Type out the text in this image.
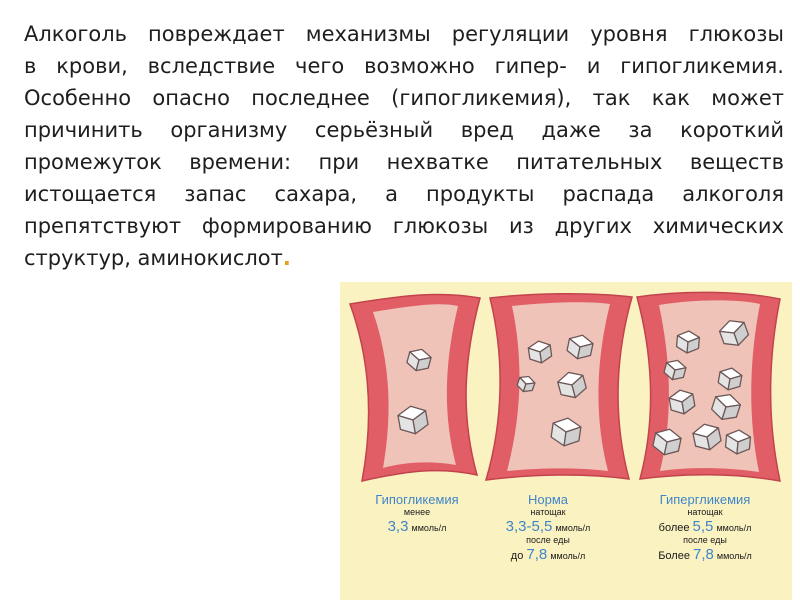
Алкоголь повреждает механизмы регуляции уровня глюкозы
в крови, вследствие чего возможно гипер- и гипогликемия.
Особенно опасно последнее (гипогликемия), так как может
причинить организму серьёзный вред даже за короткий
промежуток времени: при нехватке питательных веществ
истощается запас сахара, а продукты распада алкоголя
препятствуют формированию глюкозы из других химических
структур, аминокислот.

Гипогликемия
менее
3,3 ммоль/л
Норма
натощак
3,3-5,5 ммоль/л
после еды
до 7,8 ммоль/л
Гипергликемия
натощак
более 5,5 ммоль/л
после еды
Более 7,8 ммоль/л
